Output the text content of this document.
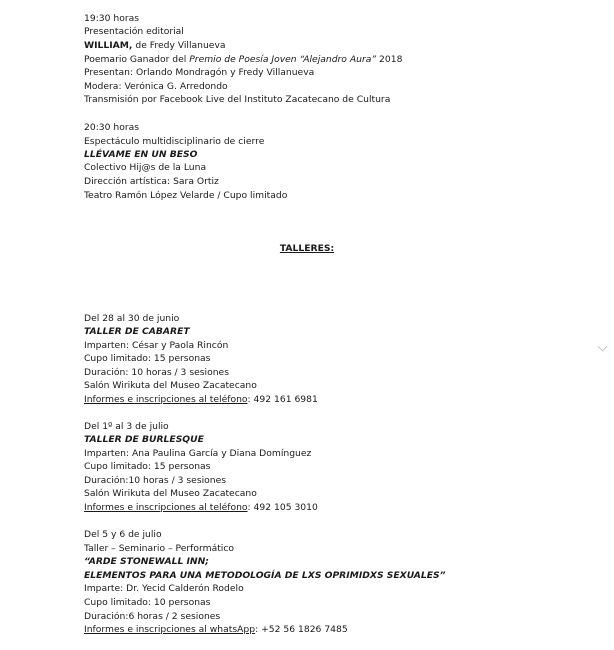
19:30 horas
Presentación editorial
WILLIAM, de Fredy Villanueva
Poemario Ganador del Premio de Poesía Joven “Alejandro Aura” 2018
Presentan: Orlando Mondragón y Fredy Villanueva
Modera: Verónica G. Arredondo
Transmisión por Facebook Live del Instituto Zacatecano de Cultura
20:30 horas
Espectáculo multidisciplinario de cierre
LLÉVAME EN UN BESO
Colectivo Hij@s de la Luna
Dirección artística: Sara Ortiz
Teatro Ramón López Velarde / Cupo limitado
TALLERES:
Del 28 al 30 de junio
TALLER DE CABARET
Imparten: César y Paola Rincón
Cupo limitado: 15 personas
Duración: 10 horas / 3 sesiones
Salón Wirikuta del Museo Zacatecano
Informes e inscripciones al teléfono: 492 161 6981
Del 1º al 3 de julio
TALLER DE BURLESQUE
Imparten: Ana Paulina García y Diana Domínguez
Cupo limitado: 15 personas
Duración:10 horas / 3 sesiones
Salón Wirikuta del Museo Zacatecano
Informes e inscripciones al teléfono: 492 105 3010
Del 5 y 6 de julio
Taller – Seminario – Performático
“ARDE STONEWALL INN;
ELEMENTOS PARA UNA METODOLOGÍA DE LXS OPRIMIDXS SEXUALES”
Imparte: Dr. Yecid Calderón Rodelo
Cupo limitado: 10 personas
Duración:6 horas / 2 sesiones
Informes e inscripciones al whatsApp: +52 56 1826 7485
